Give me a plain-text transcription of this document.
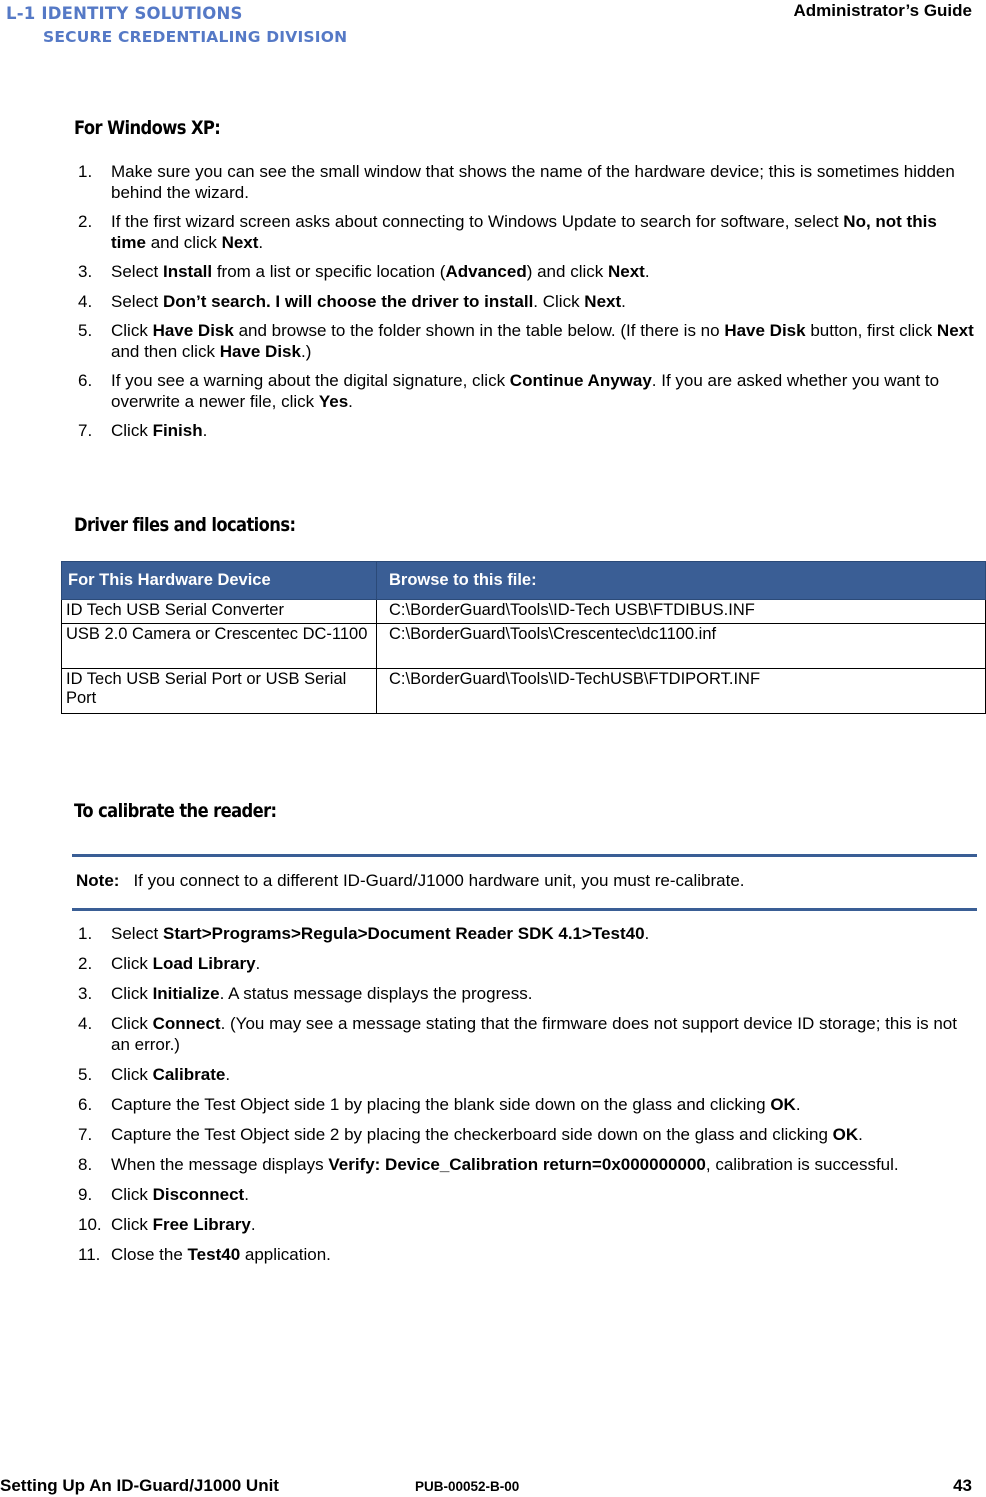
L-1 IDENTITY SOLUTIONS
SECURE CREDENTIALING DIVISION
Administrator’s Guide
For Windows XP:
1. Make sure you can see the small window that shows the name of the hardware device; this is sometimes hidden behind the wizard.
2. If the first wizard screen asks about connecting to Windows Update to search for software, select No, not this time and click Next.
3. Select Install from a list or specific location (Advanced) and click Next.
4. Select Don’t search. I will choose the driver to install. Click Next.
5. Click Have Disk and browse to the folder shown in the table below. (If there is no Have Disk button, first click Next and then click Have Disk.)
6. If you see a warning about the digital signature, click Continue Anyway. If you are asked whether you want to overwrite a newer file, click Yes.
7. Click Finish.
Driver files and locations:
For This Hardware Device	Browse to this file:
ID Tech USB Serial Converter	C:\BorderGuard\Tools\ID-Tech USB\FTDIBUS.INF
USB 2.0 Camera or Crescentec DC-1100	C:\BorderGuard\Tools\Crescentec\dc1100.inf
ID Tech USB Serial Port or USB Serial Port	C:\BorderGuard\Tools\ID-TechUSB\FTDIPORT.INF
To calibrate the reader:
Note: If you connect to a different ID-Guard/J1000 hardware unit, you must re-calibrate.
1. Select Start>Programs>Regula>Document Reader SDK 4.1>Test40.
2. Click Load Library.
3. Click Initialize. A status message displays the progress.
4. Click Connect. (You may see a message stating that the firmware does not support device ID storage; this is not an error.)
5. Click Calibrate.
6. Capture the Test Object side 1 by placing the blank side down on the glass and clicking OK.
7. Capture the Test Object side 2 by placing the checkerboard side down on the glass and clicking OK.
8. When the message displays Verify: Device_Calibration return=0x000000000, calibration is successful.
9. Click Disconnect.
10. Click Free Library.
11. Close the Test40 application.
Setting Up An ID-Guard/J1000 Unit	PUB-00052-B-00	43
